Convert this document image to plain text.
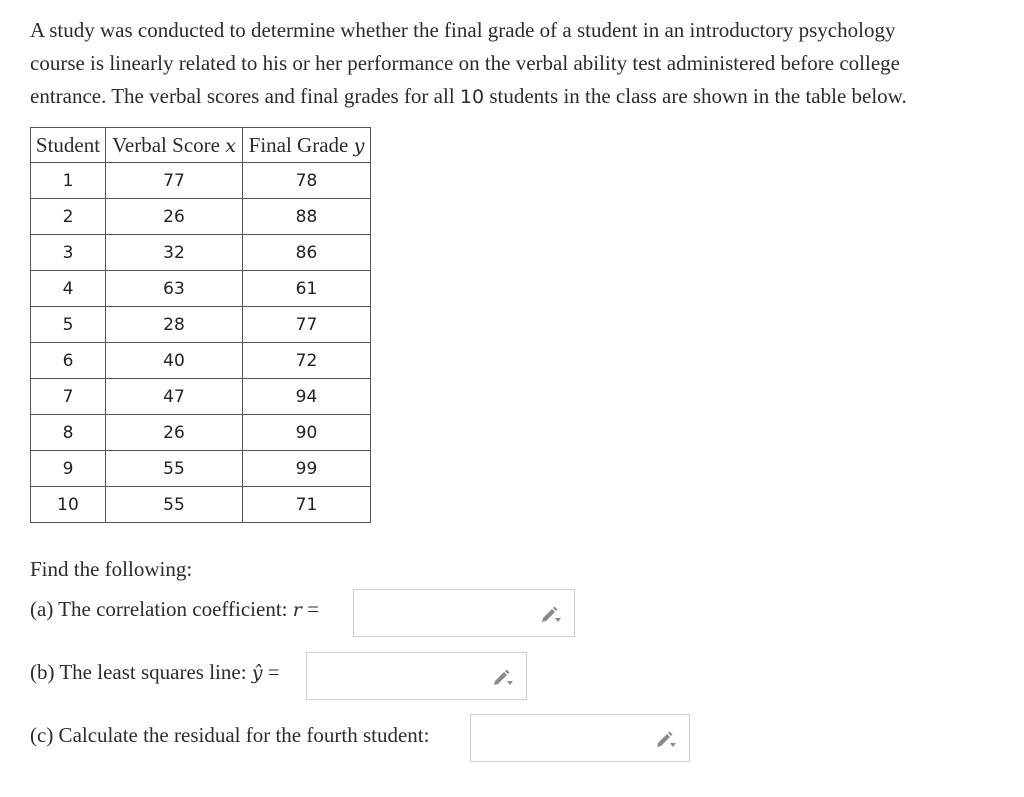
A study was conducted to determine whether the final grade of a student in an introductory psychology
course is linearly related to his or her performance on the verbal ability test administered before college
entrance. The verbal scores and final grades for all 10 students in the class are shown in the table below.
Student	Verbal Score x	Final Grade y
1	77	78
2	26	88
3	32	86
4	63	61
5	28	77
6	40	72
7	47	94
8	26	90
9	55	99
10	55	71
Find the following:
(a) The correlation coefficient: r =
(b) The least squares line: ŷ =
(c) Calculate the residual for the fourth student:
